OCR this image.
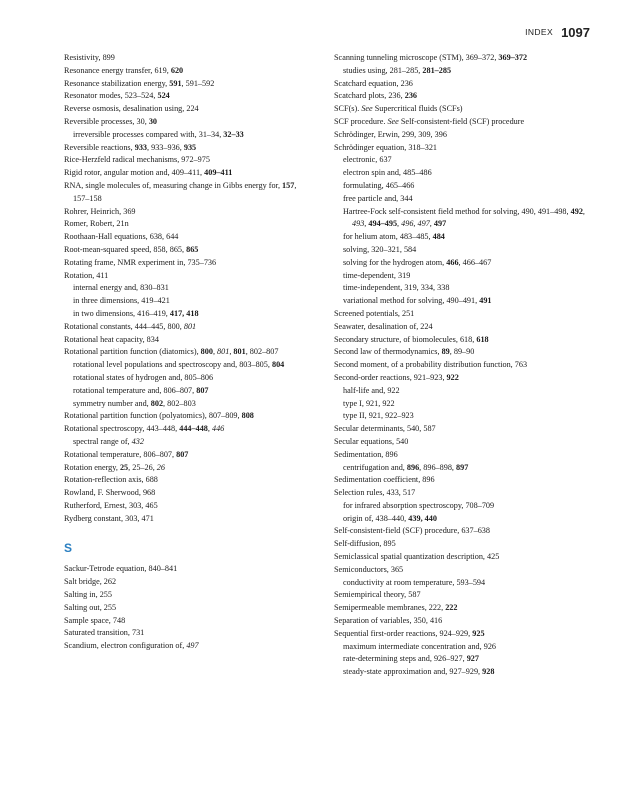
INDEX 1097
Resistivity, 899
Resonance energy transfer, 619, 620
Resonance stabilization energy, 591, 591–592
Resonator modes, 523–524, 524
Reverse osmosis, desalination using, 224
Reversible processes, 30, 30
irreversible processes compared with, 31–34, 32–33
Reversible reactions, 933, 933–936, 935
Rice-Herzfeld radical mechanisms, 972–975
Rigid rotor, angular motion and, 409–411, 409–411
RNA, single molecules of, measuring change in Gibbs energy for, 157, 157–158
Rohrer, Heinrich, 369
Romer, Robert, 21n
Roothaan-Hall equations, 638, 644
Root-mean-squared speed, 858, 865, 865
Rotating frame, NMR experiment in, 735–736
Rotation, 411
internal energy and, 830–831
in three dimensions, 419–421
in two dimensions, 416–419, 417, 418
Rotational constants, 444–445, 800, 801
Rotational heat capacity, 834
Rotational partition function (diatomics), 800, 801, 801, 802–807
rotational level populations and spectroscopy and, 803–805, 804
rotational states of hydrogen and, 805–806
rotational temperature and, 806–807, 807
symmetry number and, 802, 802–803
Rotational partition function (polyatomics), 807–809, 808
Rotational spectroscopy, 443–448, 444–448, 446
spectral range of, 432
Rotational temperature, 806–807, 807
Rotation energy, 25, 25–26, 26
Rotation-reflection axis, 688
Rowland, F. Sherwood, 968
Rutherford, Ernest, 303, 465
Rydberg constant, 303, 471
S
Sackur-Tetrode equation, 840–841
Salt bridge, 262
Salting in, 255
Salting out, 255
Sample space, 748
Saturated transition, 731
Scandium, electron configuration of, 497
Scanning tunneling microscope (STM), 369–372, 369–372
studies using, 281–285, 281–285
Scatchard equation, 236
Scatchard plots, 236, 236
SCF(s). See Supercritical fluids (SCFs)
SCF procedure. See Self-consistent-field (SCF) procedure
Schrödinger, Erwin, 299, 309, 396
Schrödinger equation, 318–321
electronic, 637
electron spin and, 485–486
formulating, 465–466
free particle and, 344
Hartree-Fock self-consistent field method for solving, 490, 491–498, 492, 493, 494–495, 496, 497, 497
for helium atom, 483–485, 484
solving, 320–321, 584
solving for the hydrogen atom, 466, 466–467
time-dependent, 319
time-independent, 319, 334, 338
variational method for solving, 490–491, 491
Screened potentials, 251
Seawater, desalination of, 224
Secondary structure, of biomolecules, 618, 618
Second law of thermodynamics, 89, 89–90
Second moment, of a probability distribution function, 763
Second-order reactions, 921–923, 922
half-life and, 922
type I, 921, 922
type II, 921, 922–923
Secular determinants, 540, 587
Secular equations, 540
Sedimentation, 896
centrifugation and, 896, 896–898, 897
Sedimentation coefficient, 896
Selection rules, 433, 517
for infrared absorption spectroscopy, 708–709
origin of, 438–440, 439, 440
Self-consistent-field (SCF) procedure, 637–638
Self-diffusion, 895
Semiclassical spatial quantization description, 425
Semiconductors, 365
conductivity at room temperature, 593–594
Semiempirical theory, 587
Semipermeable membranes, 222, 222
Separation of variables, 350, 416
Sequential first-order reactions, 924–929, 925
maximum intermediate concentration and, 926
rate-determining steps and, 926–927, 927
steady-state approximation and, 927–929, 928
